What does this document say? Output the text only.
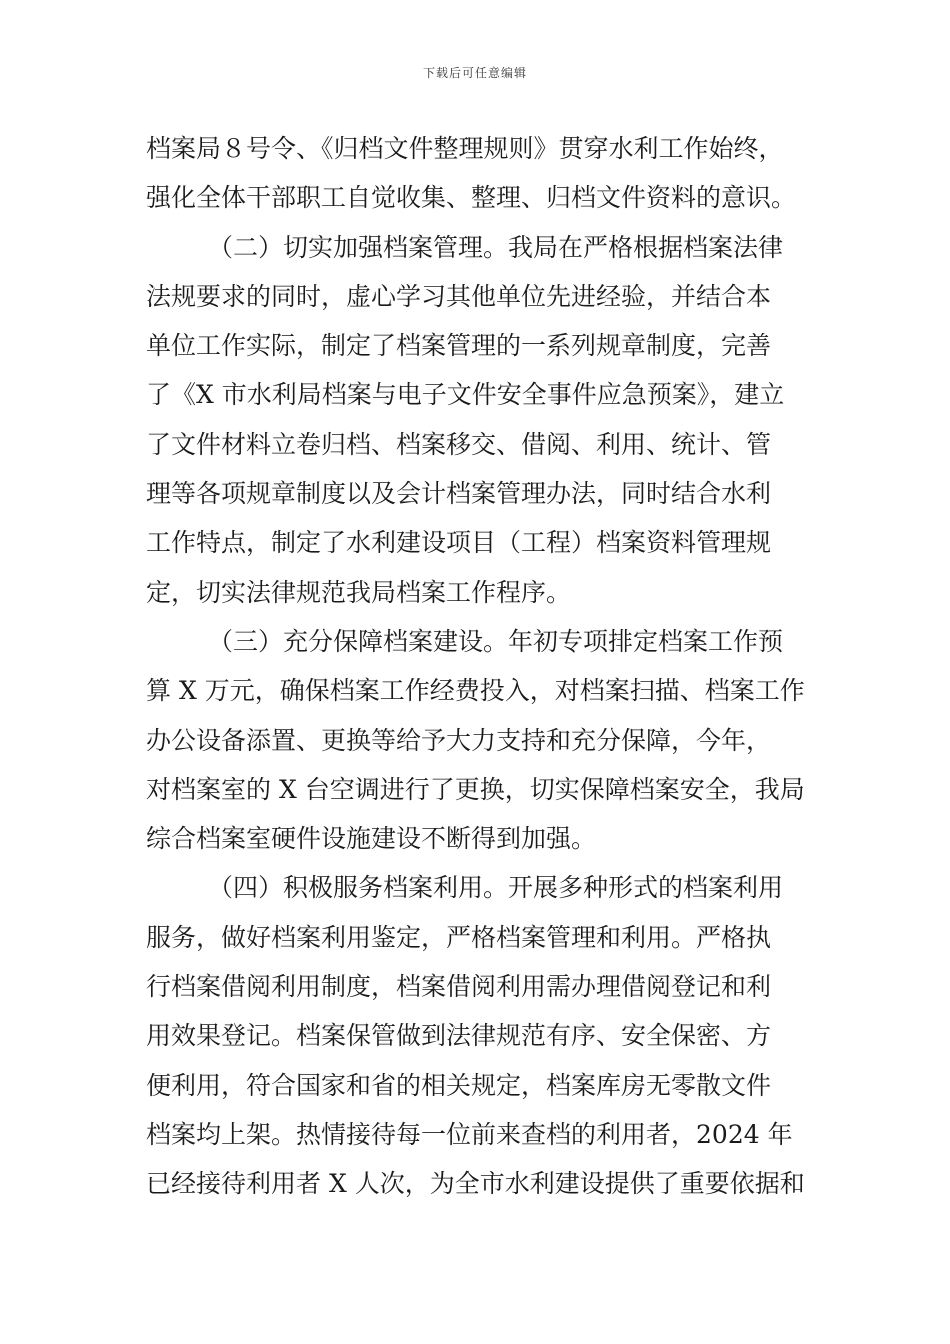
下载后可任意编辑
档案局８号令、《归档文件整理规则》贯穿水利工作始终，
强化全体干部职工自觉收集、整理、归档文件资料的意识。
（二）切实加强档案管理。我局在严格根据档案法律
法规要求的同时，虚心学习其他单位先进经验，并结合本
单位工作实际，制定了档案管理的一系列规章制度，完善
了《X 市水利局档案与电子文件安全事件应急预案》，建立
了文件材料立卷归档、档案移交、借阅、利用、统计、管
理等各项规章制度以及会计档案管理办法，同时结合水利
工作特点，制定了水利建设项目（工程）档案资料管理规
定，切实法律规范我局档案工作程序。
（三）充分保障档案建设。年初专项排定档案工作预
算 X 万元，确保档案工作经费投入，对档案扫描、档案工作
办公设备添置、更换等给予大力支持和充分保障，今年，
对档案室的 X 台空调进行了更换，切实保障档案安全，我局
综合档案室硬件设施建设不断得到加强。
（四）积极服务档案利用。开展多种形式的档案利用
服务，做好档案利用鉴定，严格档案管理和利用。严格执
行档案借阅利用制度，档案借阅利用需办理借阅登记和利
用效果登记。档案保管做到法律规范有序、安全保密、方
便利用，符合国家和省的相关规定，档案库房无零散文件
档案均上架。热情接待每一位前来查档的利用者，2024 年
已经接待利用者 X 人次，为全市水利建设提供了重要依据和
